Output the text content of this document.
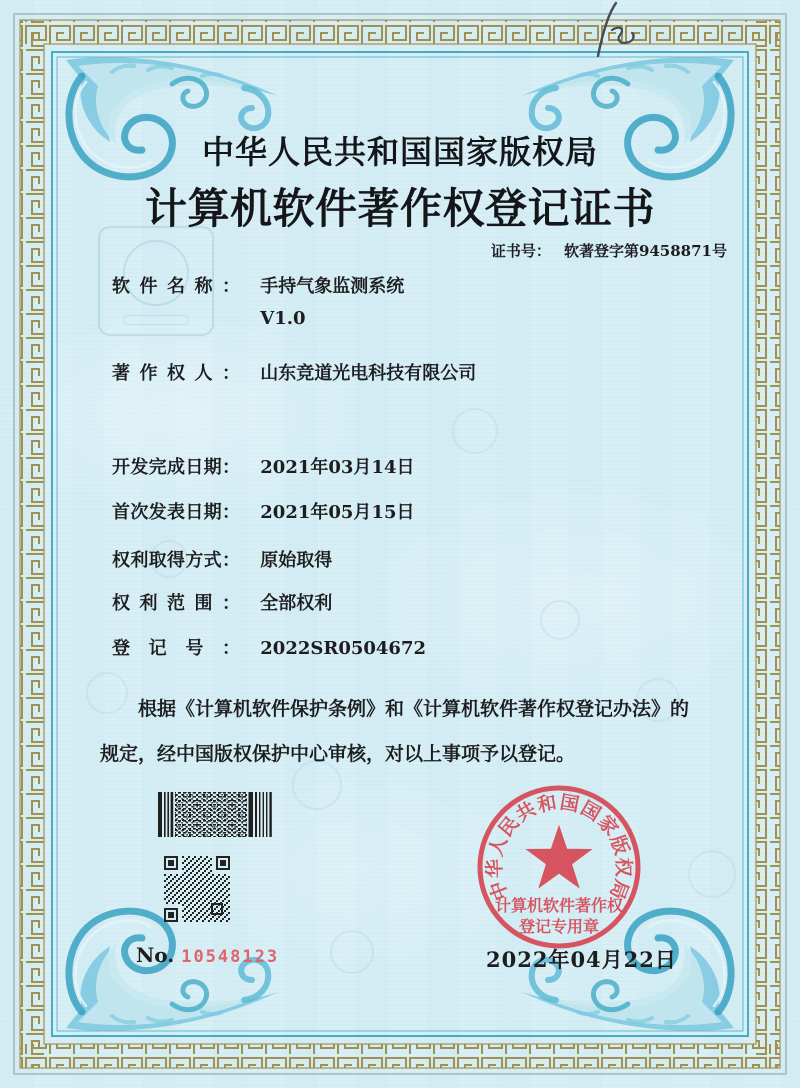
中华人民共和国国家版权局
计算机软件著作权登记证书
证书号： 软著登字第9458871号
软件名称： 手持气象监测系统
V1.0
著作权人： 山东竞道光电科技有限公司
开发完成日期： 2021年03月14日
首次发表日期： 2021年05月15日
权利取得方式： 原始取得
权利范围： 全部权利
登记号： 2022SR0504672
根据《计算机软件保护条例》和《计算机软件著作权登记办法》的
规定，经中国版权保护中心审核，对以上事项予以登记。
No. 10548123	2022年04月22日
中华人民共和国国家版权局
计算机软件著作权
登记专用章
